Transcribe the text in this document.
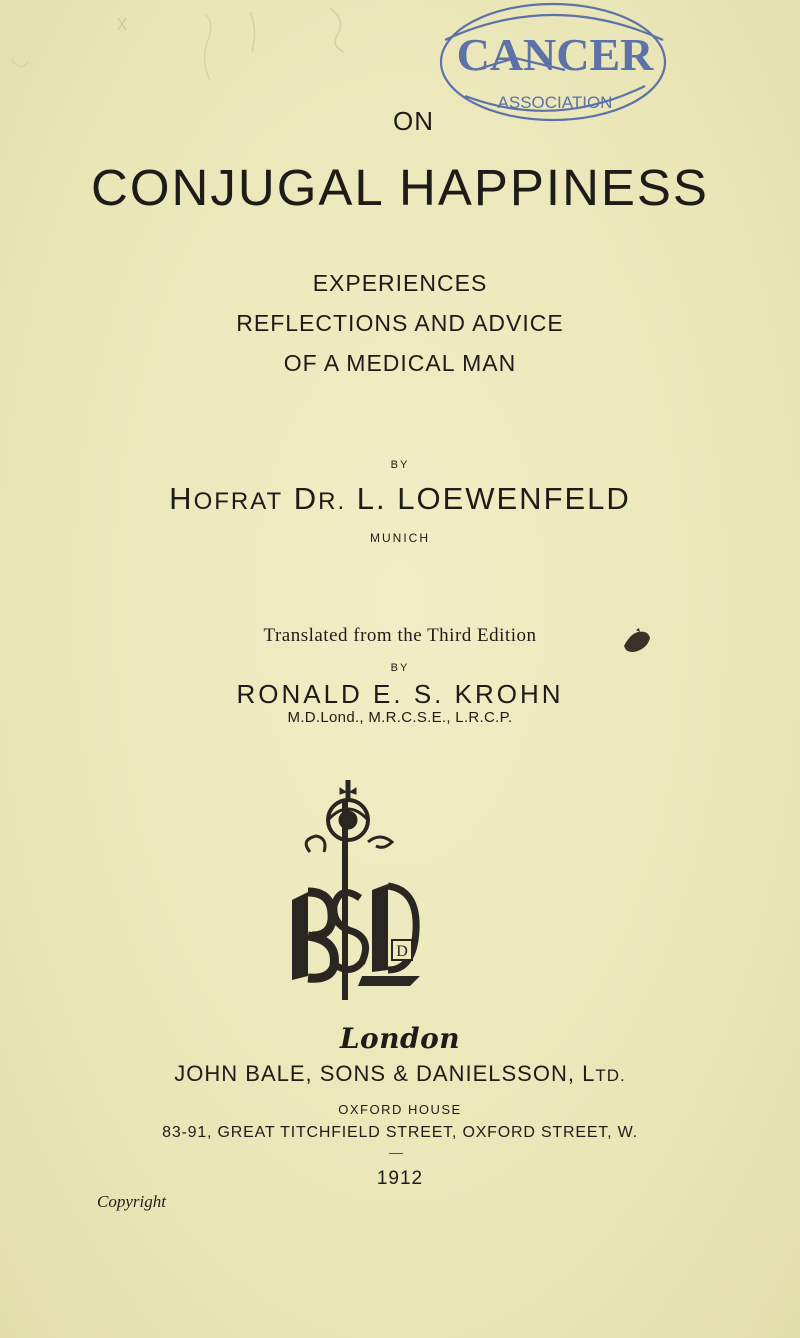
CANCER
ASSOCIATION
ON
CONJUGAL HAPPINESS
EXPERIENCES
REFLECTIONS AND ADVICE
OF A MEDICAL MAN
BY
HOFRAT DR. L. LOEWENFELD
MUNICH
Translated from the Third Edition
BY
RONALD E. S. KROHN
M.D.Lond., M.R.C.S.E., L.R.C.P.
D
London
JOHN BALE, SONS & DANIELSSON, LTD.
OXFORD HOUSE
83-91, GREAT TITCHFIELD STREET, OXFORD STREET, W.
1912
Copyright
